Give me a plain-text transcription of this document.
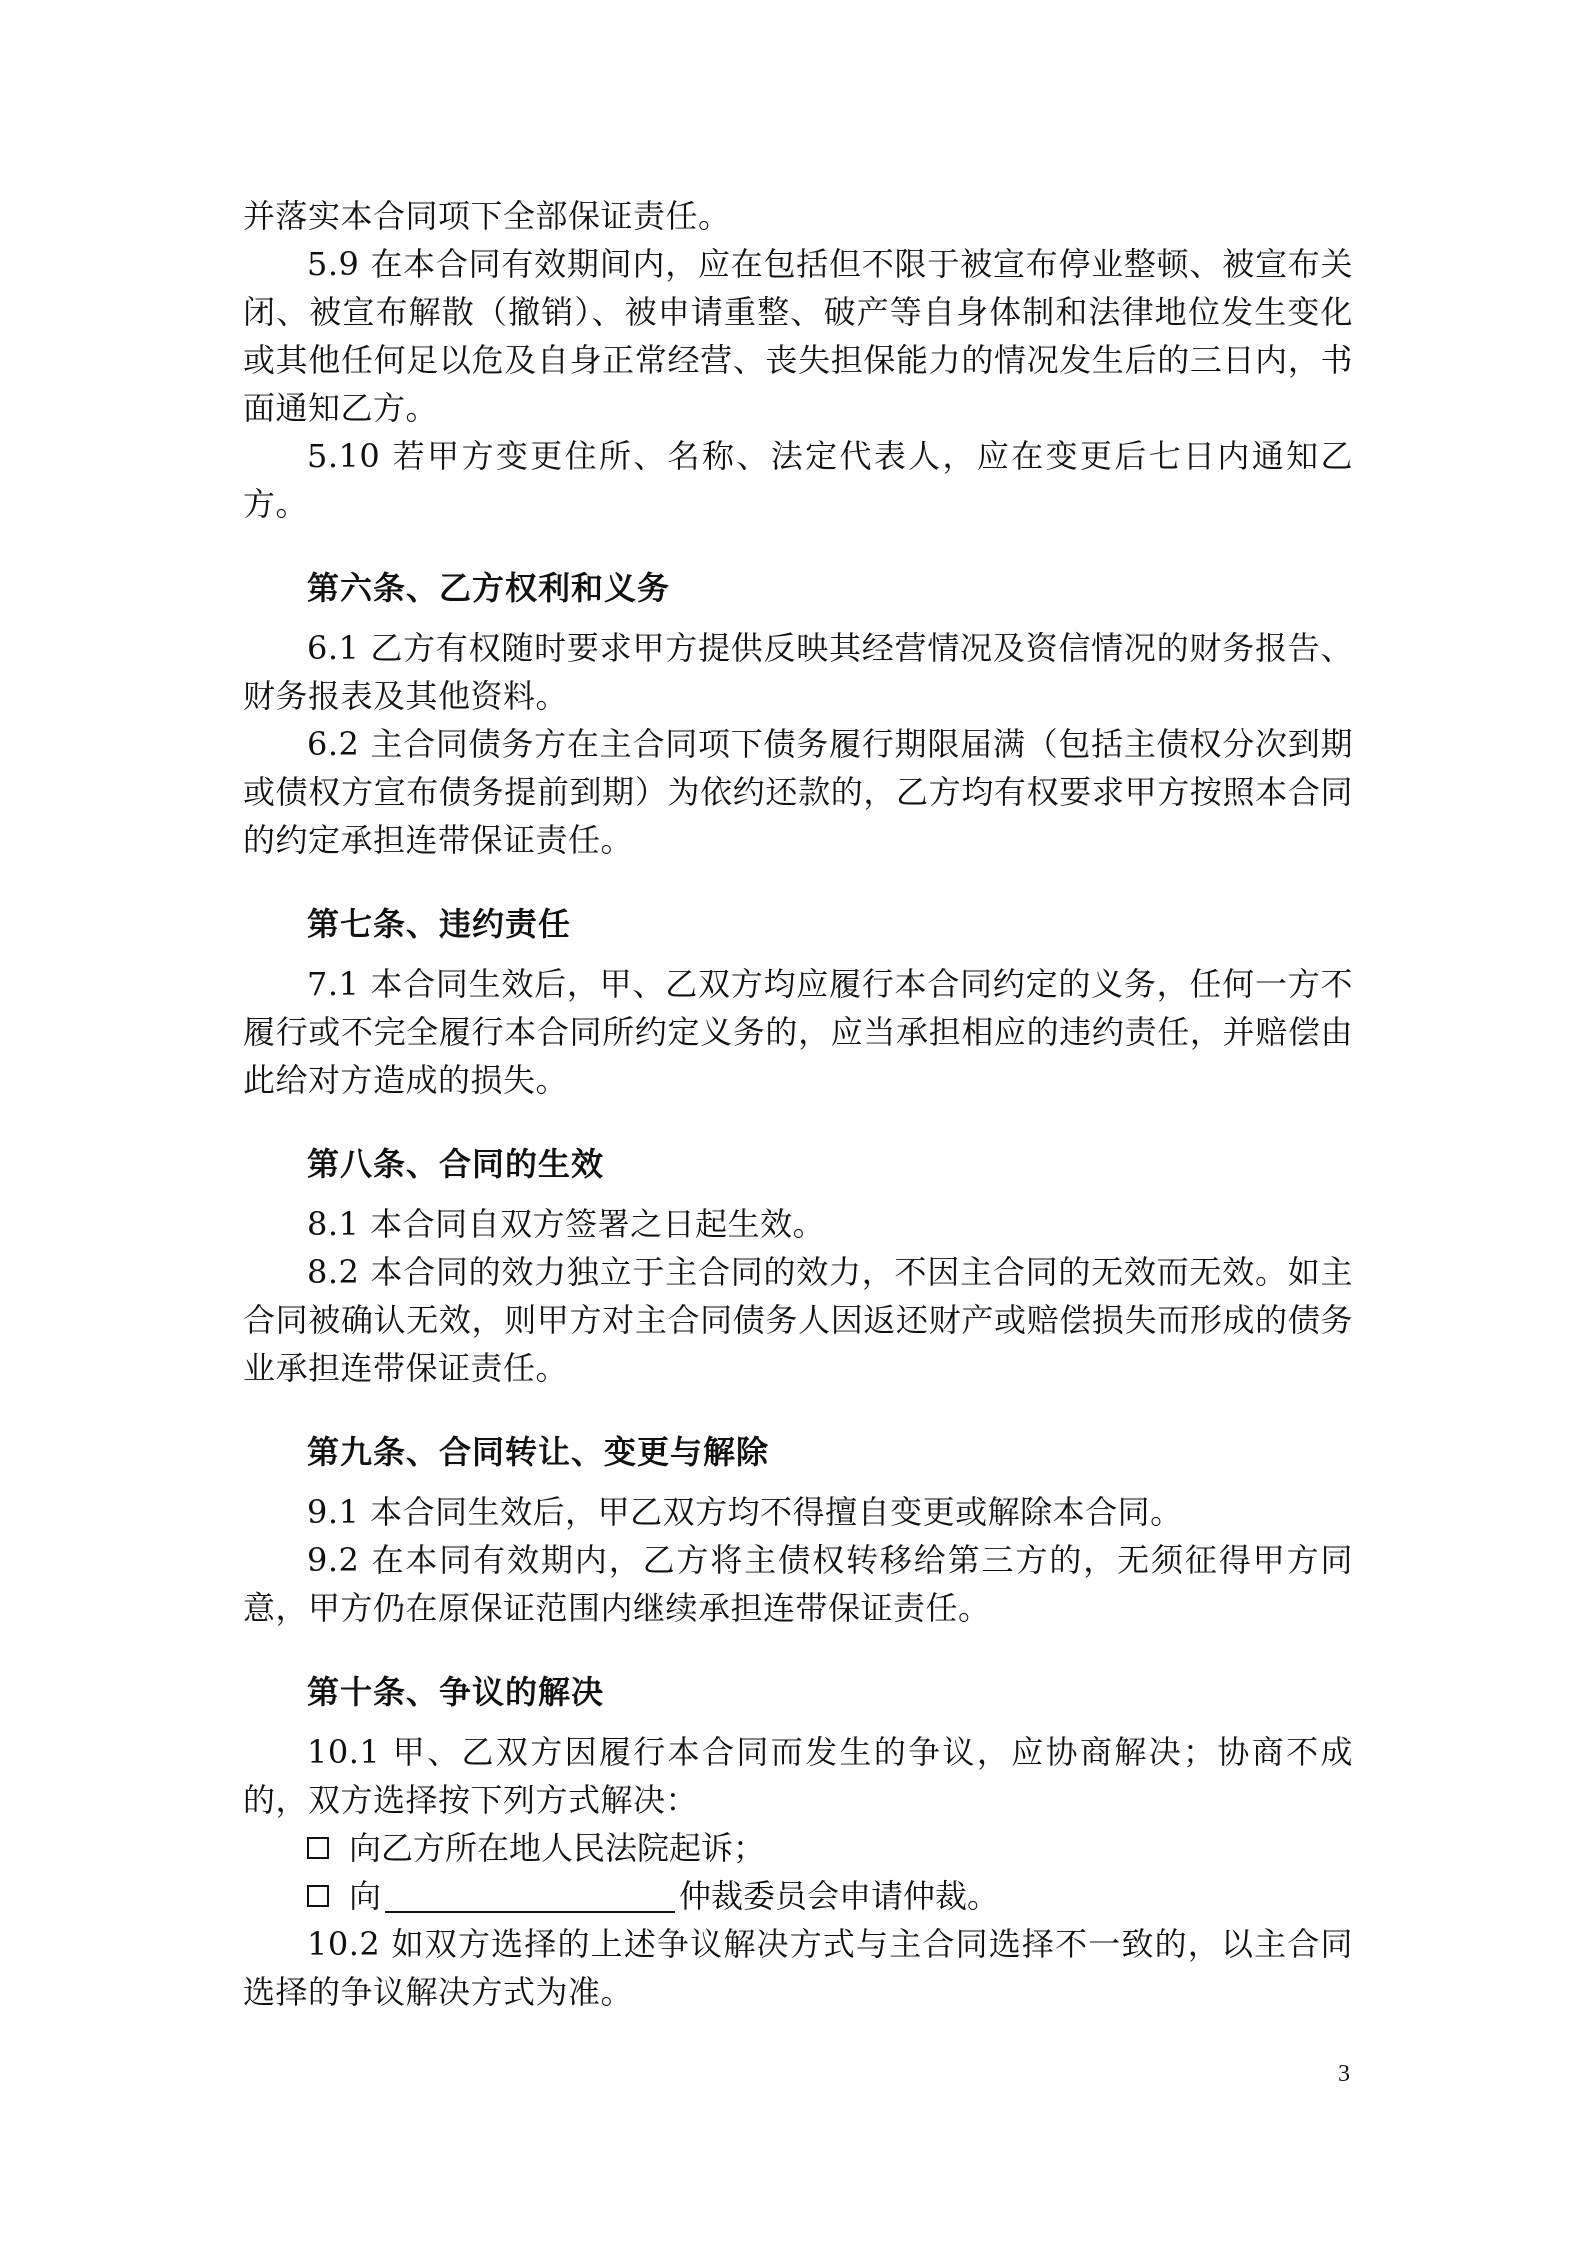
并落实本合同项下全部保证责任。

5.9 在本合同有效期间内，应在包括但不限于被宣布停业整顿、被宣布关闭、被宣布解散（撤销）、被申请重整、破产等自身体制和法律地位发生变化或其他任何足以危及自身正常经营、丧失担保能力的情况发生后的三日内，书面通知乙方。

5.10 若甲方变更住所、名称、法定代表人，应在变更后七日内通知乙方。

第六条、乙方权利和义务

6.1 乙方有权随时要求甲方提供反映其经营情况及资信情况的财务报告、财务报表及其他资料。

6.2 主合同债务方在主合同项下债务履行期限届满（包括主债权分次到期或债权方宣布债务提前到期）为依约还款的，乙方均有权要求甲方按照本合同的约定承担连带保证责任。

第七条、违约责任

7.1 本合同生效后，甲、乙双方均应履行本合同约定的义务，任何一方不履行或不完全履行本合同所约定义务的，应当承担相应的违约责任，并赔偿由此给对方造成的损失。

第八条、合同的生效

8.1 本合同自双方签署之日起生效。

8.2 本合同的效力独立于主合同的效力，不因主合同的无效而无效。如主合同被确认无效，则甲方对主合同债务人因返还财产或赔偿损失而形成的债务业承担连带保证责任。

第九条、合同转让、变更与解除

9.1 本合同生效后，甲乙双方均不得擅自变更或解除本合同。

9.2 在本同有效期内，乙方将主债权转移给第三方的，无须征得甲方同意，甲方仍在原保证范围内继续承担连带保证责任。

第十条、争议的解决

10.1 甲、乙双方因履行本合同而发生的争议，应协商解决；协商不成的，双方选择按下列方式解决：

向乙方所在地人民法院起诉；
向	仲裁委员会申请仲裁。

10.2 如双方选择的上述争议解决方式与主合同选择不一致的，以主合同选择的争议解决方式为准。

3
